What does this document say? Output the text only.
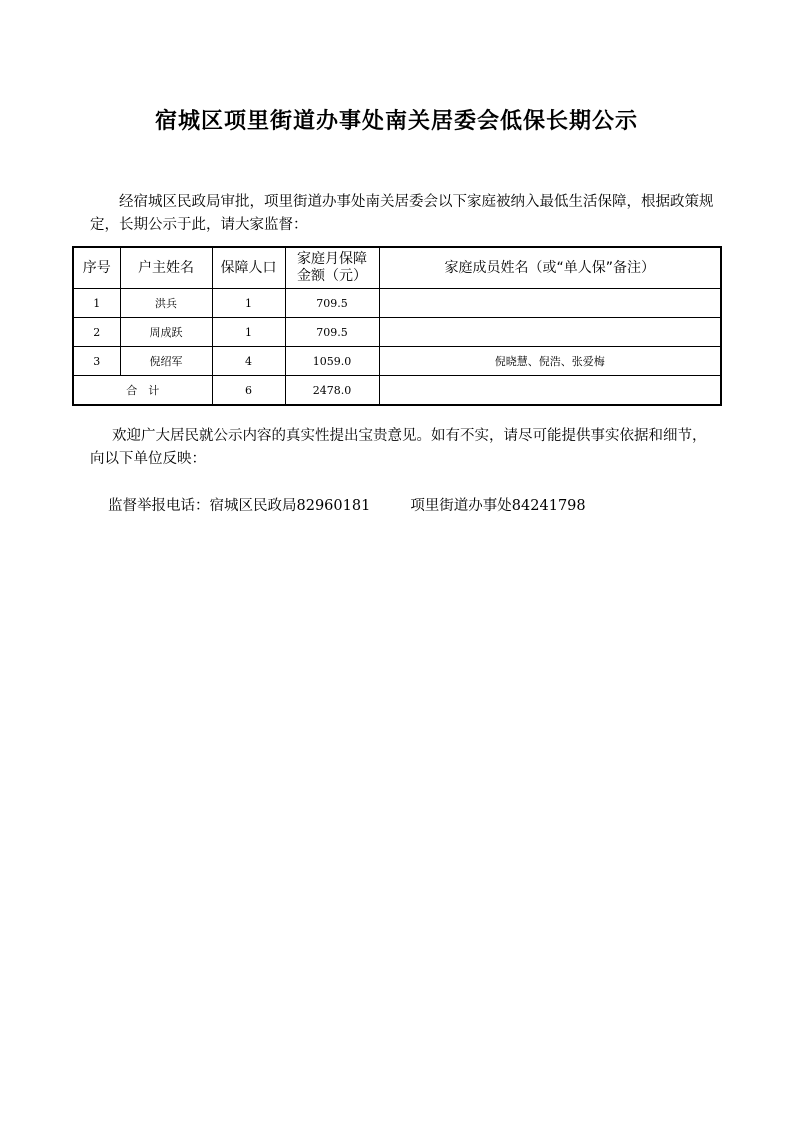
宿城区项里街道办事处南关居委会低保长期公示
经宿城区民政局审批，项里街道办事处南关居委会以下家庭被纳入最低生活保障，根据政策规定，长期公示于此，请大家监督：
序号	户主姓名	保障人口	家庭月保障金额（元）	家庭成员姓名（或“单人保”备注）
1	洪兵	1	709.5	
2	周成跃	1	709.5	
3	倪绍军	4	1059.0	倪晓慧、倪浩、张爱梅
合　计		6	2478.0	
欢迎广大居民就公示内容的真实性提出宝贵意见。如有不实，请尽可能提供事实依据和细节，向以下单位反映：
监督举报电话：宿城区民政局82960181	项里街道办事处84241798
